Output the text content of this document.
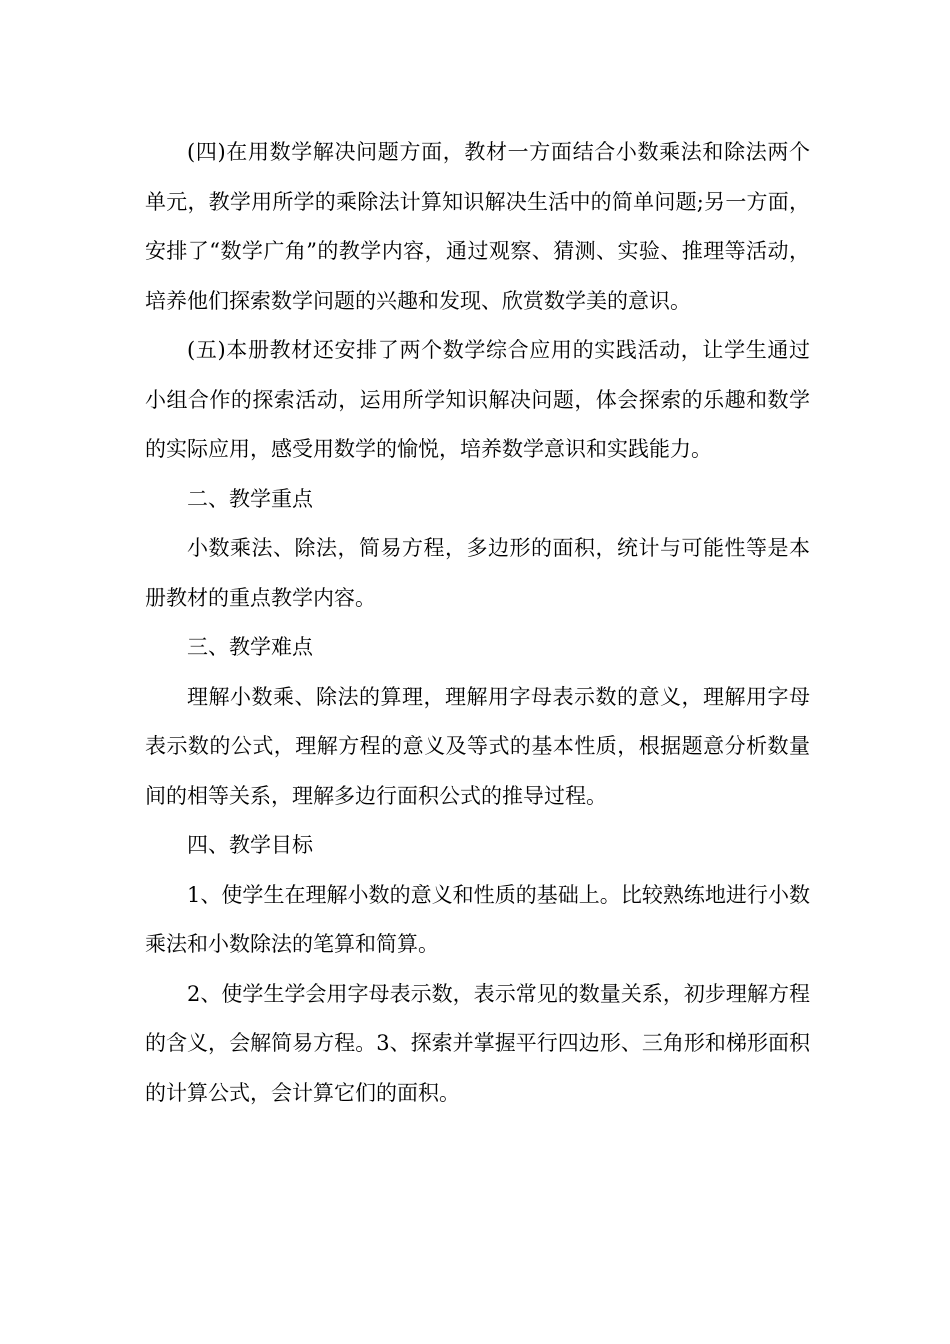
(四)在用数学解决问题方面，教材一方面结合小数乘法和除法两个单元，教学用所学的乘除法计算知识解决生活中的简单问题;另一方面，安排了“数学广角”的教学内容，通过观察、猜测、实验、推理等活动，培养他们探索数学问题的兴趣和发现、欣赏数学美的意识。

(五)本册教材还安排了两个数学综合应用的实践活动，让学生通过小组合作的探索活动，运用所学知识解决问题，体会探索的乐趣和数学的实际应用，感受用数学的愉悦，培养数学意识和实践能力。

二、教学重点

小数乘法、除法，简易方程，多边形的面积，统计与可能性等是本册教材的重点教学内容。

三、教学难点

理解小数乘、除法的算理，理解用字母表示数的意义，理解用字母表示数的公式，理解方程的意义及等式的基本性质，根据题意分析数量间的相等关系，理解多边行面积公式的推导过程。

四、教学目标

1、使学生在理解小数的意义和性质的基础上。比较熟练地进行小数乘法和小数除法的笔算和简算。

2、使学生学会用字母表示数，表示常见的数量关系，初步理解方程的含义，会解简易方程。3、探索并掌握平行四边形、三角形和梯形面积的计算公式，会计算它们的面积。
